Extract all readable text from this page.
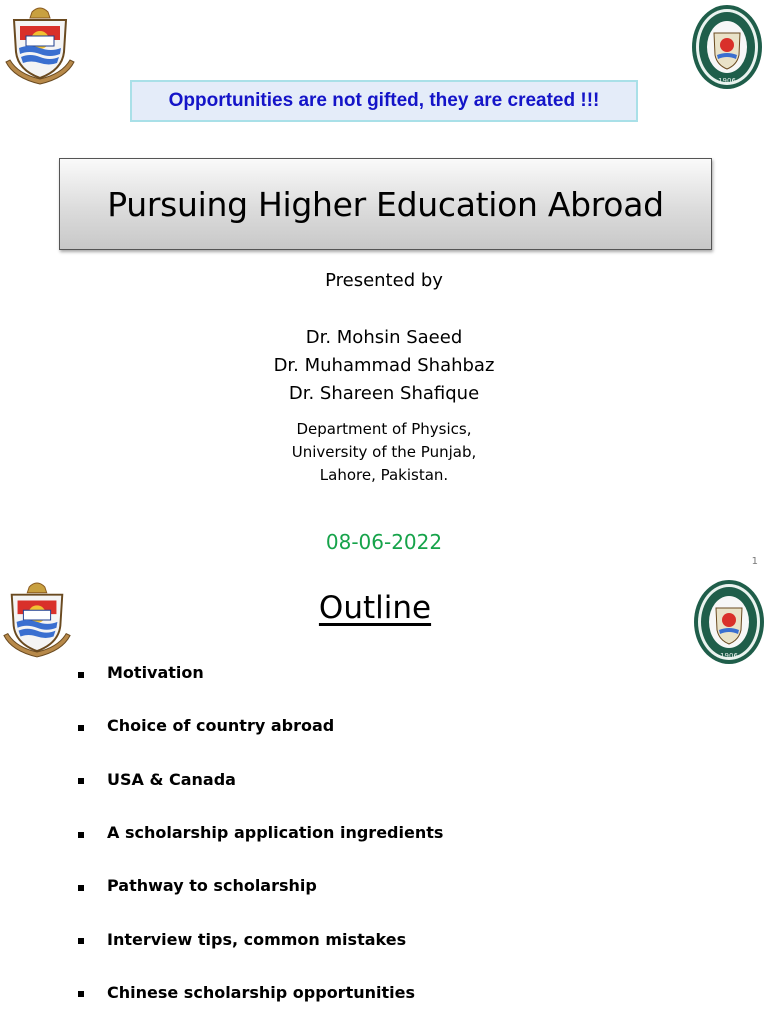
1906
Opportunities are not gifted, they are created !!!
Pursuing Higher Education Abroad
Presented by
Dr. Mohsin Saeed
Dr. Muhammad Shahbaz
Dr. Shareen Shafique
Department of Physics,
University of the Punjab,
Lahore, Pakistan.
08-06-2022
1
1906
Outline
Motivation
Choice of country abroad
USA & Canada
A scholarship application ingredients
Pathway to scholarship
Interview tips, common mistakes
Chinese scholarship opportunities
